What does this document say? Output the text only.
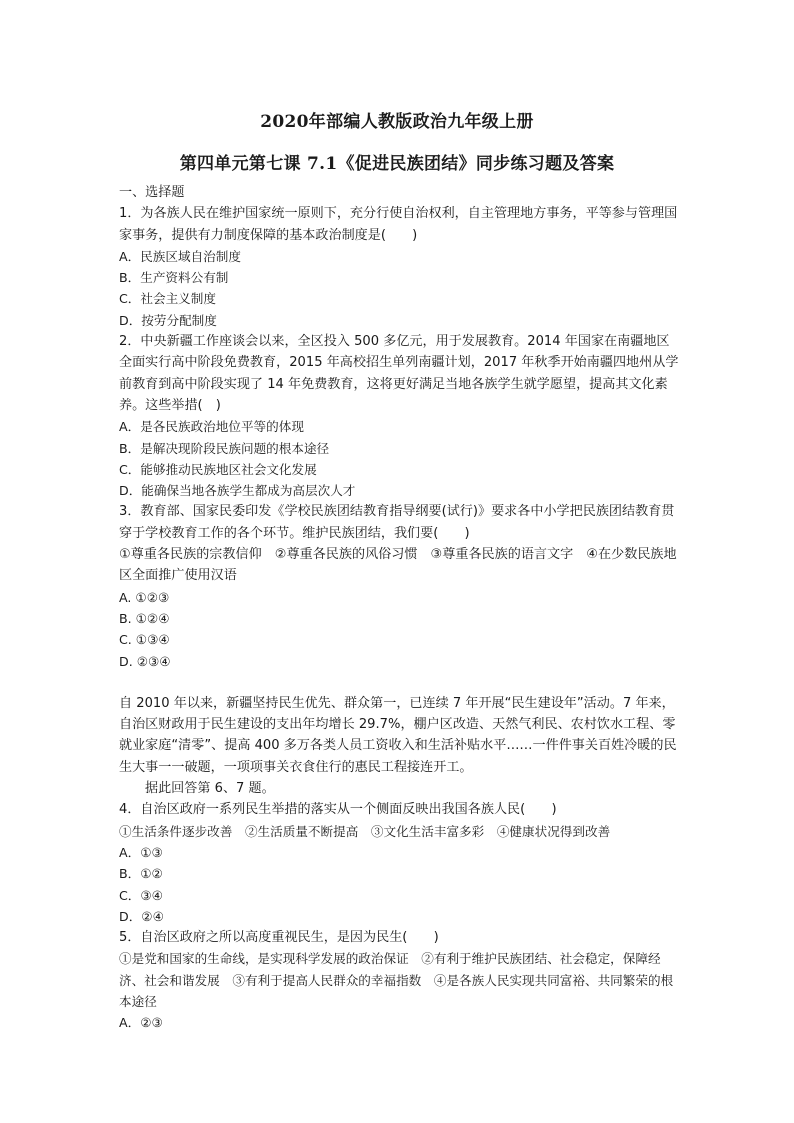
2020年部编人教版政治九年级上册
第四单元第七课 7.1《促进民族团结》同步练习题及答案

一、选择题

1．为各族人民在维护国家统一原则下，充分行使自治权利，自主管理地方事务，平等参与管理国家事务，提供有力制度保障的基本政治制度是(　　)

A．民族区域自治制度

B．生产资料公有制

C．社会主义制度

D．按劳分配制度

2．中央新疆工作座谈会以来，全区投入 500 多亿元，用于发展教育。2014 年国家在南疆地区全面实行高中阶段免费教育，2015 年高校招生单列南疆计划，2017 年秋季开始南疆四地州从学前教育到高中阶段实现了 14 年免费教育，这将更好满足当地各族学生就学愿望，提高其文化素养。这些举措(　)

A．是各民族政治地位平等的体现

B．是解决现阶段民族问题的根本途径

C．能够推动民族地区社会文化发展

D．能确保当地各族学生都成为高层次人才

3．教育部、国家民委印发《学校民族团结教育指导纲要(试行)》要求各中小学把民族团结教育贯穿于学校教育工作的各个环节。维护民族团结，我们要(　　)

①尊重各民族的宗教信仰　②尊重各民族的风俗习惯　③尊重各民族的语言文字　④在少数民族地区全面推广使用汉语

A. ①②③

B. ①②④

C. ①③④

D. ②③④

自 2010 年以来，新疆坚持民生优先、群众第一，已连续 7 年开展“民生建设年”活动。7 年来，自治区财政用于民生建设的支出年均增长 29.7%，棚户区改造、天然气利民、农村饮水工程、零就业家庭“清零”、提高 400 多万各类人员工资收入和生活补贴水平……一件件事关百姓冷暖的民生大事一一破题，一项项事关衣食住行的惠民工程接连开工。

据此回答第 6、7 题。

4．自治区政府一系列民生举措的落实从一个侧面反映出我国各族人民(　　)

①生活条件逐步改善　②生活质量不断提高　③文化生活丰富多彩　④健康状况得到改善

A．①③

B．①②

C．③④

D．②④

5．自治区政府之所以高度重视民生，是因为民生(　　)

①是党和国家的生命线，是实现科学发展的政治保证　②有利于维护民族团结、社会稳定，保障经济、社会和谐发展　③有利于提高人民群众的幸福指数　④是各族人民实现共同富裕、共同繁荣的根本途径

A．②③
